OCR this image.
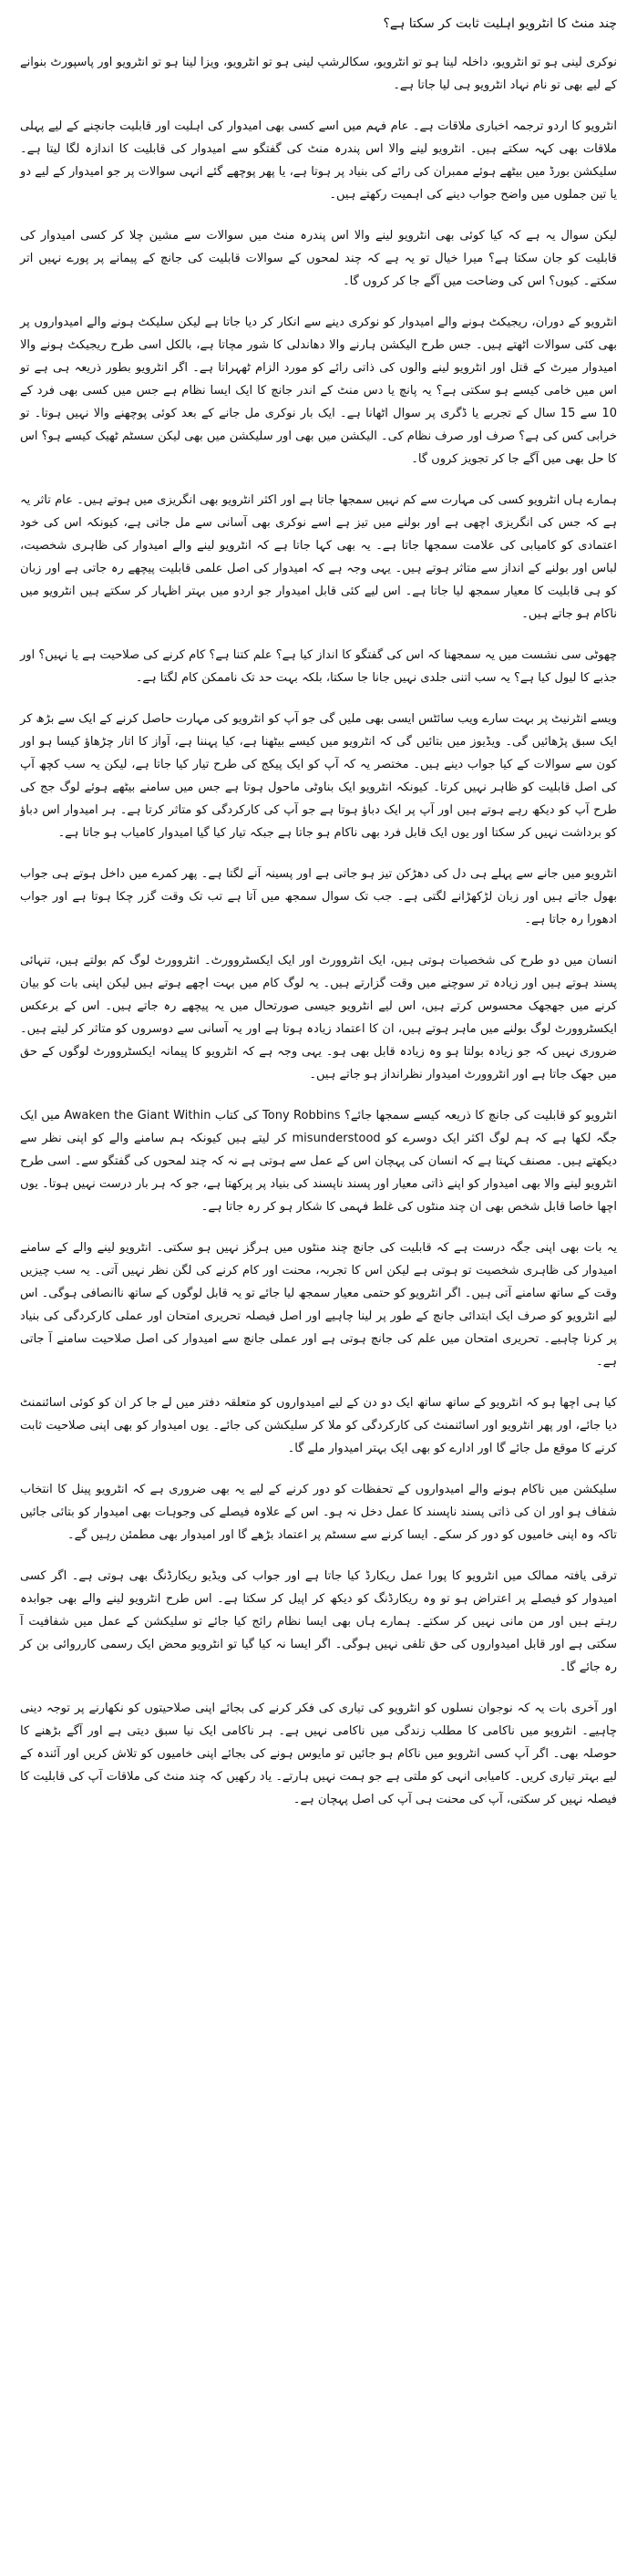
چند منٹ کا انٹرویو اہلیت ثابت کر سکتا ہے؟

نوکری لینی ہو تو انٹرویو، داخلہ لینا ہو تو انٹرویو، سکالرشپ لینی ہو تو انٹرویو، ویزا لینا ہو تو انٹرویو اور پاسپورٹ بنوانے کے لیے بھی تو نام نہاد انٹرویو ہی لیا جاتا ہے۔

انٹرویو کا اردو ترجمہ اخباری ملاقات ہے۔ عام فہم میں اسے کسی بھی امیدوار کی اہلیت اور قابلیت جانچنے کے لیے پہلی ملاقات بھی کہہ سکتے ہیں۔ انٹرویو لینے والا اس پندرہ منٹ کی گفتگو سے امیدوار کی قابلیت کا اندازہ لگا لیتا ہے۔ سلیکشن بورڈ میں بیٹھے ہوئے ممبران کی رائے کی بنیاد پر ہوتا ہے، یا پھر پوچھے گئے انہی سوالات پر جو امیدوار کے لیے دو یا تین جملوں میں واضح جواب دینے کی اہمیت رکھتے ہیں۔

لیکن سوال یہ ہے کہ کیا کوئی بھی انٹرویو لینے والا اس پندرہ منٹ میں سوالات سے مشین چلا کر کسی امیدوار کی قابلیت کو جان سکتا ہے؟ میرا خیال تو یہ ہے کہ چند لمحوں کے سوالات قابلیت کی جانچ کے پیمانے پر پورے نہیں اتر سکتے۔ کیوں؟ اس کی وضاحت میں آگے جا کر کروں گا۔

انٹرویو کے دوران، ریجیکٹ ہونے والے امیدوار کو نوکری دینے سے انکار کر دیا جاتا ہے لیکن سلیکٹ ہونے والے امیدواروں پر بھی کئی سوالات اٹھتے ہیں۔ جس طرح الیکشن ہارنے والا دھاندلی کا شور مچاتا ہے، بالکل اسی طرح ریجیکٹ ہونے والا امیدوار میرٹ کے قتل اور انٹرویو لینے والوں کی ذاتی رائے کو مورد الزام ٹھہراتا ہے۔ اگر انٹرویو بطور ذریعہ ہی ہے تو اس میں خامی کیسے ہو سکتی ہے؟ یہ پانچ یا دس منٹ کے اندر جانچ کا ایک ایسا نظام ہے جس میں کسی بھی فرد کے 10 سے 15 سال کے تجربے یا ڈگری پر سوال اٹھانا ہے۔ ایک بار نوکری مل جانے کے بعد کوئی پوچھنے والا نہیں ہوتا۔ تو خرابی کس کی ہے؟ صرف اور صرف نظام کی۔ الیکشن میں بھی اور سلیکشن میں بھی لیکن سسٹم ٹھیک کیسے ہو؟ اس کا حل بھی میں آگے جا کر تجویز کروں گا۔

ہمارے ہاں انٹرویو کسی کی مہارت سے کم نہیں سمجھا جاتا ہے اور اکثر انٹرویو بھی انگریزی میں ہوتے ہیں۔ عام تاثر یہ ہے کہ جس کی انگریزی اچھی ہے اور بولنے میں تیز ہے اسے نوکری بھی آسانی سے مل جاتی ہے، کیونکہ اس کی خود اعتمادی کو کامیابی کی علامت سمجھا جاتا ہے۔ یہ بھی کہا جاتا ہے کہ انٹرویو لینے والے امیدوار کی ظاہری شخصیت، لباس اور بولنے کے انداز سے متاثر ہوتے ہیں۔ یہی وجہ ہے کہ امیدوار کی اصل علمی قابلیت پیچھے رہ جاتی ہے اور زبان کو ہی قابلیت کا معیار سمجھ لیا جاتا ہے۔ اس لیے کئی قابل امیدوار جو اردو میں بہتر اظہار کر سکتے ہیں انٹرویو میں ناکام ہو جاتے ہیں۔

چھوٹی سی نشست میں یہ سمجھنا کہ اس کی گفتگو کا انداز کیا ہے؟ علم کتنا ہے؟ کام کرنے کی صلاحیت ہے یا نہیں؟ اور جذبے کا لیول کیا ہے؟ یہ سب اتنی جلدی نہیں جانا جا سکتا، بلکہ بہت حد تک ناممکن کام لگتا ہے۔

ویسے انٹرنیٹ پر بہت سارے ویب سائٹس ایسی بھی ملیں گی جو آپ کو انٹرویو کی مہارت حاصل کرنے کے ایک سے بڑھ کر ایک سبق پڑھائیں گی۔ ویڈیوز میں بتائیں گی کہ انٹرویو میں کیسے بیٹھنا ہے، کیا پہننا ہے، آواز کا اتار چڑھاؤ کیسا ہو اور کون سے سوالات کے کیا جواب دینے ہیں۔ مختصر یہ کہ آپ کو ایک پیکج کی طرح تیار کیا جاتا ہے، لیکن یہ سب کچھ آپ کی اصل قابلیت کو ظاہر نہیں کرتا۔ کیونکہ انٹرویو ایک بناوٹی ماحول ہوتا ہے جس میں سامنے بیٹھے ہوئے لوگ جج کی طرح آپ کو دیکھ رہے ہوتے ہیں اور آپ پر ایک دباؤ ہوتا ہے جو آپ کی کارکردگی کو متاثر کرتا ہے۔ ہر امیدوار اس دباؤ کو برداشت نہیں کر سکتا اور یوں ایک قابل فرد بھی ناکام ہو جاتا ہے جبکہ تیار کیا گیا امیدوار کامیاب ہو جاتا ہے۔

انٹرویو میں جانے سے پہلے ہی دل کی دھڑکن تیز ہو جاتی ہے اور پسینہ آنے لگتا ہے۔ پھر کمرے میں داخل ہوتے ہی جواب بھول جاتے ہیں اور زبان لڑکھڑانے لگتی ہے۔ جب تک سوال سمجھ میں آتا ہے تب تک وقت گزر چکا ہوتا ہے اور جواب ادھورا رہ جاتا ہے۔

انسان میں دو طرح کی شخصیات ہوتی ہیں، ایک انٹروورٹ اور ایک ایکسٹروورٹ۔ انٹروورٹ لوگ کم بولتے ہیں، تنہائی پسند ہوتے ہیں اور زیادہ تر سوچنے میں وقت گزارتے ہیں۔ یہ لوگ کام میں بہت اچھے ہوتے ہیں لیکن اپنی بات کو بیان کرنے میں جھجھک محسوس کرتے ہیں، اس لیے انٹرویو جیسی صورتحال میں یہ پیچھے رہ جاتے ہیں۔ اس کے برعکس ایکسٹروورٹ لوگ بولنے میں ماہر ہوتے ہیں، ان کا اعتماد زیادہ ہوتا ہے اور یہ آسانی سے دوسروں کو متاثر کر لیتے ہیں۔ ضروری نہیں کہ جو زیادہ بولتا ہو وہ زیادہ قابل بھی ہو۔ یہی وجہ ہے کہ انٹرویو کا پیمانہ ایکسٹروورٹ لوگوں کے حق میں جھک جاتا ہے اور انٹروورٹ امیدوار نظرانداز ہو جاتے ہیں۔

انٹرویو کو قابلیت کی جانچ کا ذریعہ کیسے سمجھا جائے؟ Tony Robbins کی کتاب Awaken the Giant Within میں ایک جگہ لکھا ہے کہ ہم لوگ اکثر ایک دوسرے کو misunderstood کر لیتے ہیں کیونکہ ہم سامنے والے کو اپنی نظر سے دیکھتے ہیں۔ مصنف کہتا ہے کہ انسان کی پہچان اس کے عمل سے ہوتی ہے نہ کہ چند لمحوں کی گفتگو سے۔ اسی طرح انٹرویو لینے والا بھی امیدوار کو اپنے ذاتی معیار اور پسند ناپسند کی بنیاد پر پرکھتا ہے، جو کہ ہر بار درست نہیں ہوتا۔ یوں اچھا خاصا قابل شخص بھی ان چند منٹوں کی غلط فہمی کا شکار ہو کر رہ جاتا ہے۔

یہ بات بھی اپنی جگہ درست ہے کہ قابلیت کی جانچ چند منٹوں میں ہرگز نہیں ہو سکتی۔ انٹرویو لینے والے کے سامنے امیدوار کی ظاہری شخصیت تو ہوتی ہے لیکن اس کا تجربہ، محنت اور کام کرنے کی لگن نظر نہیں آتی۔ یہ سب چیزیں وقت کے ساتھ سامنے آتی ہیں۔ اگر انٹرویو کو حتمی معیار سمجھ لیا جائے تو یہ قابل لوگوں کے ساتھ ناانصافی ہوگی۔ اس لیے انٹرویو کو صرف ایک ابتدائی جانچ کے طور پر لینا چاہیے اور اصل فیصلہ تحریری امتحان اور عملی کارکردگی کی بنیاد پر کرنا چاہیے۔ تحریری امتحان میں علم کی جانچ ہوتی ہے اور عملی جانچ سے امیدوار کی اصل صلاحیت سامنے آ جاتی ہے۔

کیا ہی اچھا ہو کہ انٹرویو کے ساتھ ساتھ ایک دو دن کے لیے امیدواروں کو متعلقہ دفتر میں لے جا کر ان کو کوئی اسائنمنٹ دیا جائے، اور پھر انٹرویو اور اسائنمنٹ کی کارکردگی کو ملا کر سلیکشن کی جائے۔ یوں امیدوار کو بھی اپنی صلاحیت ثابت کرنے کا موقع مل جائے گا اور ادارے کو بھی ایک بہتر امیدوار ملے گا۔

سلیکشن میں ناکام ہونے والے امیدواروں کے تحفظات کو دور کرنے کے لیے یہ بھی ضروری ہے کہ انٹرویو پینل کا انتخاب شفاف ہو اور ان کی ذاتی پسند ناپسند کا عمل دخل نہ ہو۔ اس کے علاوہ فیصلے کی وجوہات بھی امیدوار کو بتائی جائیں تاکہ وہ اپنی خامیوں کو دور کر سکے۔ ایسا کرنے سے سسٹم پر اعتماد بڑھے گا اور امیدوار بھی مطمئن رہیں گے۔

ترقی یافتہ ممالک میں انٹرویو کا پورا عمل ریکارڈ کیا جاتا ہے اور جواب کی ویڈیو ریکارڈنگ بھی ہوتی ہے۔ اگر کسی امیدوار کو فیصلے پر اعتراض ہو تو وہ ریکارڈنگ کو دیکھ کر اپیل کر سکتا ہے۔ اس طرح انٹرویو لینے والے بھی جوابدہ رہتے ہیں اور من مانی نہیں کر سکتے۔ ہمارے ہاں بھی ایسا نظام رائج کیا جائے تو سلیکشن کے عمل میں شفافیت آ سکتی ہے اور قابل امیدواروں کی حق تلفی نہیں ہوگی۔ اگر ایسا نہ کیا گیا تو انٹرویو محض ایک رسمی کارروائی بن کر رہ جائے گا۔

اور آخری بات یہ کہ نوجوان نسلوں کو انٹرویو کی تیاری کی فکر کرنے کی بجائے اپنی صلاحیتوں کو نکھارنے پر توجہ دینی چاہیے۔ انٹرویو میں ناکامی کا مطلب زندگی میں ناکامی نہیں ہے۔ ہر ناکامی ایک نیا سبق دیتی ہے اور آگے بڑھنے کا حوصلہ بھی۔ اگر آپ کسی انٹرویو میں ناکام ہو جائیں تو مایوس ہونے کی بجائے اپنی خامیوں کو تلاش کریں اور آئندہ کے لیے بہتر تیاری کریں۔ کامیابی انہی کو ملتی ہے جو ہمت نہیں ہارتے۔ یاد رکھیں کہ چند منٹ کی ملاقات آپ کی قابلیت کا فیصلہ نہیں کر سکتی، آپ کی محنت ہی آپ کی اصل پہچان ہے۔
